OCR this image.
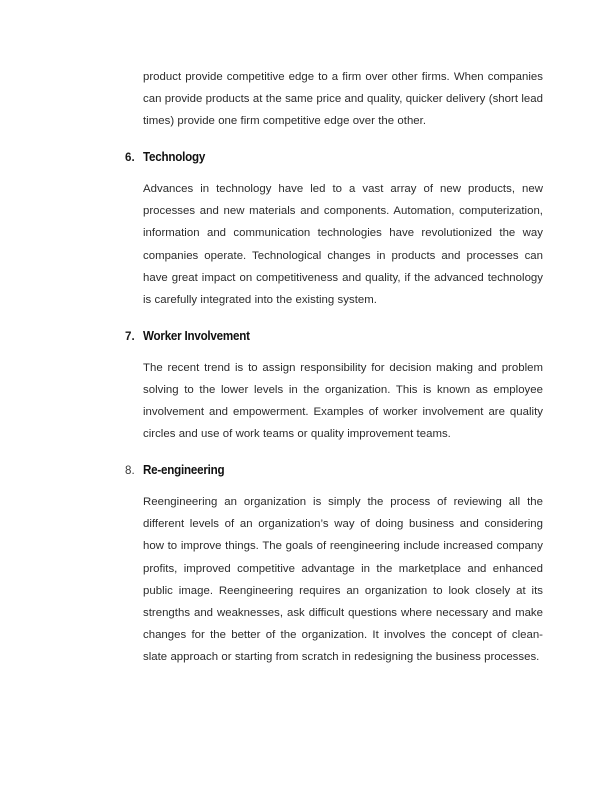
product provide competitive edge to a firm over other firms. When companies can provide products at the same price and quality, quicker delivery (short lead times) provide one firm competitive edge over the other.

6. Technology

Advances in technology have led to a vast array of new products, new processes and new materials and components. Automation, computerization, information and communication technologies have revolutionized the way companies operate. Technological changes in products and processes can have great impact on competitiveness and quality, if the advanced technology is carefully integrated into the existing system.

7. Worker Involvement

The recent trend is to assign responsibility for decision making and problem solving to the lower levels in the organization. This is known as employee involvement and empowerment. Examples of worker involvement are quality circles and use of work teams or quality improvement teams.

8. Re-engineering

Reengineering an organization is simply the process of reviewing all the different levels of an organization’s way of doing business and considering how to improve things. The goals of reengineering include increased company profits, improved competitive advantage in the marketplace and enhanced public image. Reengineering requires an organization to look closely at its strengths and weaknesses, ask difficult questions where necessary and make changes for the better of the organization. It involves the concept of clean-slate approach or starting from scratch in redesigning the business processes.
